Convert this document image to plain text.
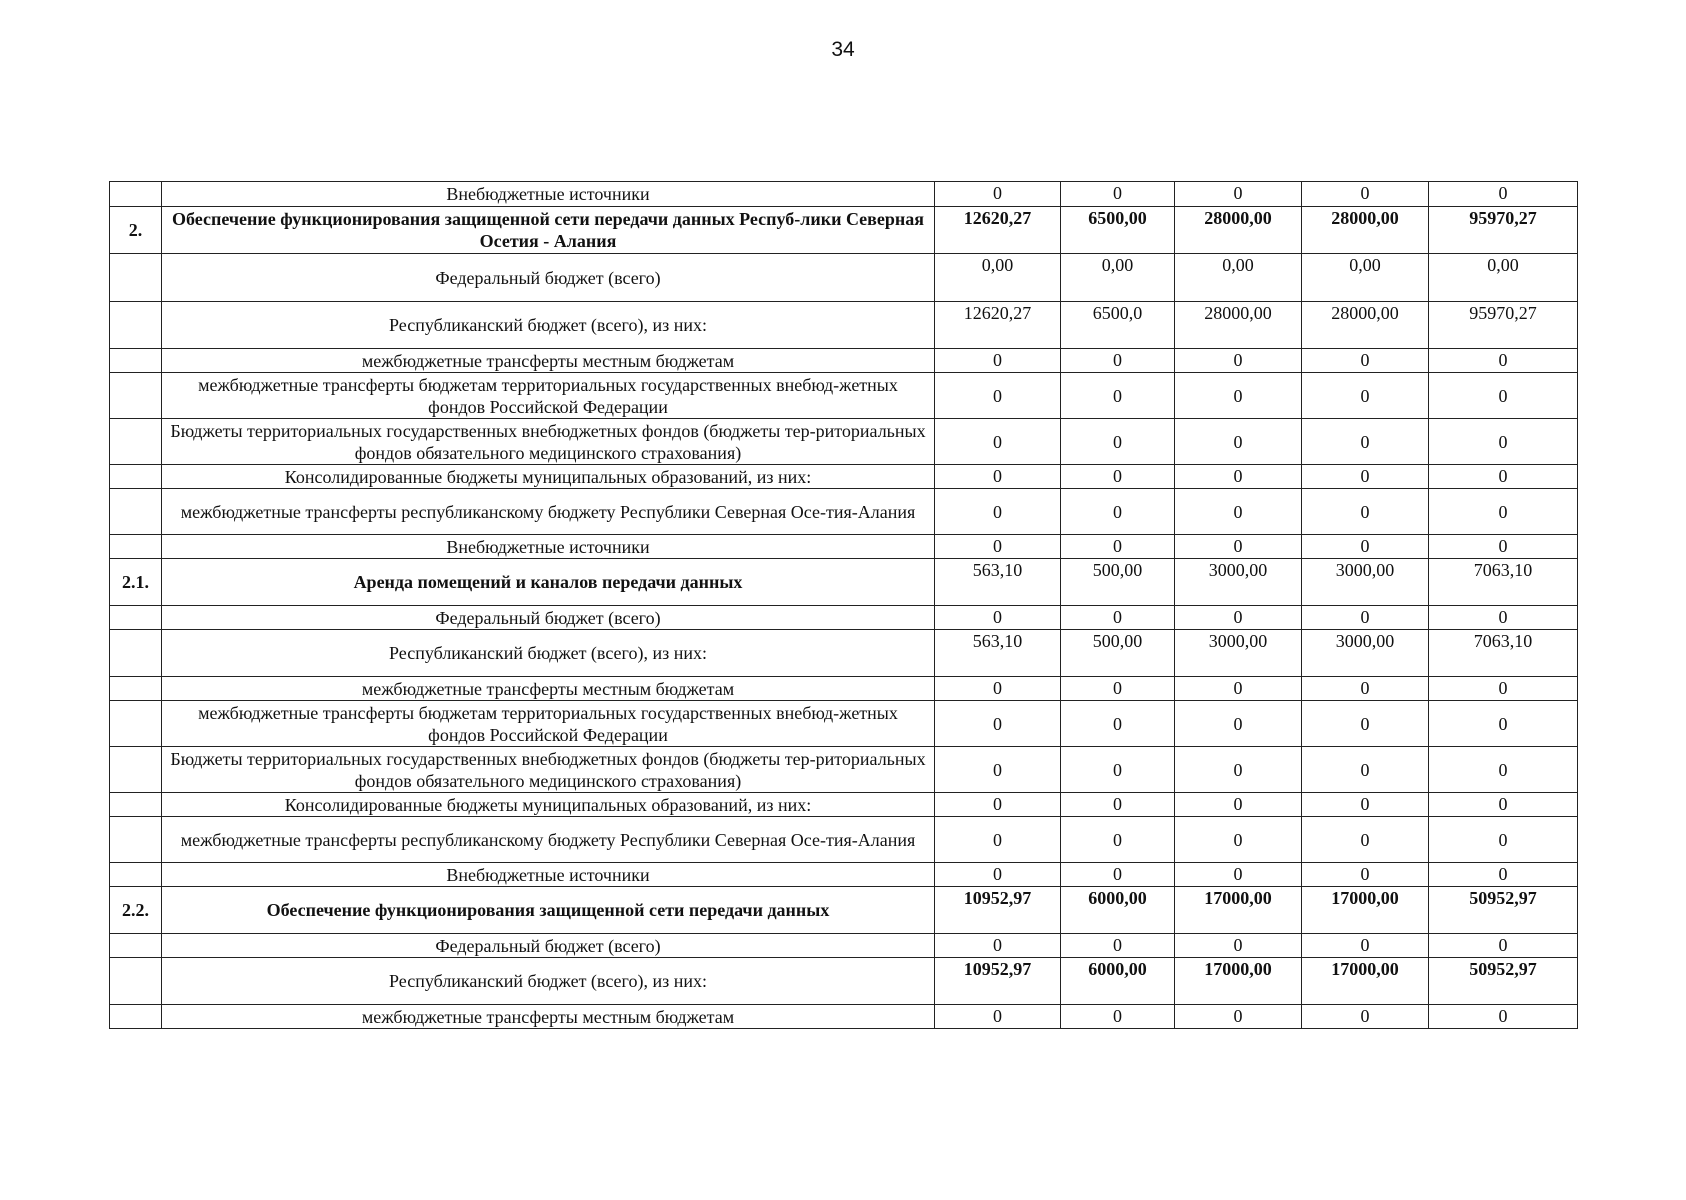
34
	Внебюджетные источники	0	0	0	0	0
2.	Обеспечение функционирования защищенной сети передачи данных Респуб-лики Северная Осетия - Алания	12620,27	6500,00	28000,00	28000,00	95970,27
	Федеральный бюджет (всего)	0,00	0,00	0,00	0,00	0,00
	Республиканский бюджет (всего), из них:	12620,27	6500,0	28000,00	28000,00	95970,27
	межбюджетные трансферты местным бюджетам	0	0	0	0	0
	межбюджетные трансферты бюджетам территориальных государственных внебюд-жетных фондов Российской Федерации	0	0	0	0	0
	Бюджеты территориальных государственных внебюджетных фондов (бюджеты тер-риториальных фондов обязательного медицинского страхования)	0	0	0	0	0
	Консолидированные бюджеты муниципальных образований, из них:	0	0	0	0	0
	межбюджетные трансферты республиканскому бюджету Республики Северная Осе-тия-Алания	0	0	0	0	0
	Внебюджетные источники	0	0	0	0	0
2.1.	Аренда помещений и каналов передачи данных	563,10	500,00	3000,00	3000,00	7063,10
	Федеральный бюджет (всего)	0	0	0	0	0
	Республиканский бюджет (всего), из них:	563,10	500,00	3000,00	3000,00	7063,10
	межбюджетные трансферты местным бюджетам	0	0	0	0	0
	межбюджетные трансферты бюджетам территориальных государственных внебюд-жетных фондов Российской Федерации	0	0	0	0	0
	Бюджеты территориальных государственных внебюджетных фондов (бюджеты тер-риториальных фондов обязательного медицинского страхования)	0	0	0	0	0
	Консолидированные бюджеты муниципальных образований, из них:	0	0	0	0	0
	межбюджетные трансферты республиканскому бюджету Республики Северная Осе-тия-Алания	0	0	0	0	0
	Внебюджетные источники	0	0	0	0	0
2.2.	Обеспечение функционирования защищенной сети передачи данных	10952,97	6000,00	17000,00	17000,00	50952,97
	Федеральный бюджет (всего)	0	0	0	0	0
	Республиканский бюджет (всего), из них:	10952,97	6000,00	17000,00	17000,00	50952,97
	межбюджетные трансферты местным бюджетам	0	0	0	0	0
